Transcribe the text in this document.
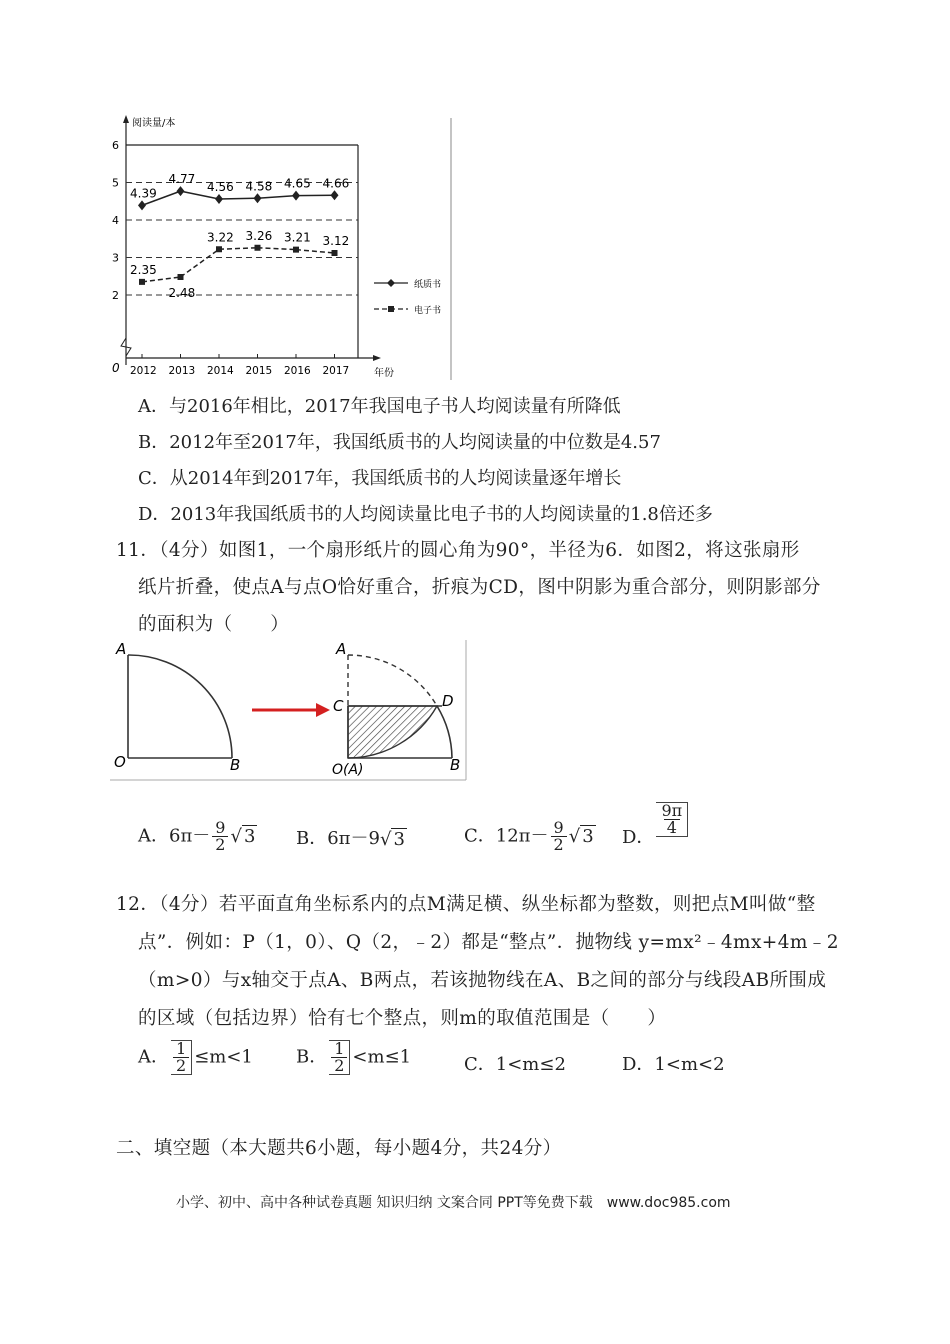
阅读量/本
年份
0
6
5
4
3
2
2012 2013 2014 2015 2016 2017
4.39
4.77
4.56 4.58 4.65 4.66
2.35
2.48
3.22 3.26 3.21 3.12
纸质书
电子书
A．与2016年相比，2017年我国电子书人均阅读量有所降低
B．2012年至2017年，我国纸质书的人均阅读量的中位数是4.57
C．从2014年到2017年，我国纸质书的人均阅读量逐年增长
D．2013年我国纸质书的人均阅读量比电子书的人均阅读量的1.8倍还多
11．（4分）如图1，一个扇形纸片的圆心角为90°，半径为6．如图2，将这张扇形
纸片折叠，使点A与点O恰好重合，折痕为CD，图中阴影为重合部分，则阴影部分
的面积为（　　）
A
O	B
A
C	D
O(A)	B
A．$6\pi- \frac{9}{2}$ √ 3 B．6π－9√ 3	C．$12\pi- \frac{9}{2}$ √ 3 D． $\frac{9\pi}{4}$
12．（4分）若平面直角坐标系内的点M满足横、纵坐标都为整数，则把点M叫做“整
点”．例如：P（1，0）、Q（2，﹣2）都是“整点”．抛物线 y=mx²﹣4mx+4m﹣2
（m>0）与x轴交于点A、B两点，若该抛物线在A、B之间的部分与线段AB所围成
的区域（包括边界）恰有七个整点，则m的取值范围是（　　）
A． $\frac{1}{2} \le m<1$ B． $\frac{1}{2} <m\le 1$	C．1<m≤2	D．1<m<2
二、填空题（本大题共6小题，每小题4分，共24分）
小学、初中、高中各种试卷真题 知识归纳 文案合同 PPT等免费下载　www.doc985.com
